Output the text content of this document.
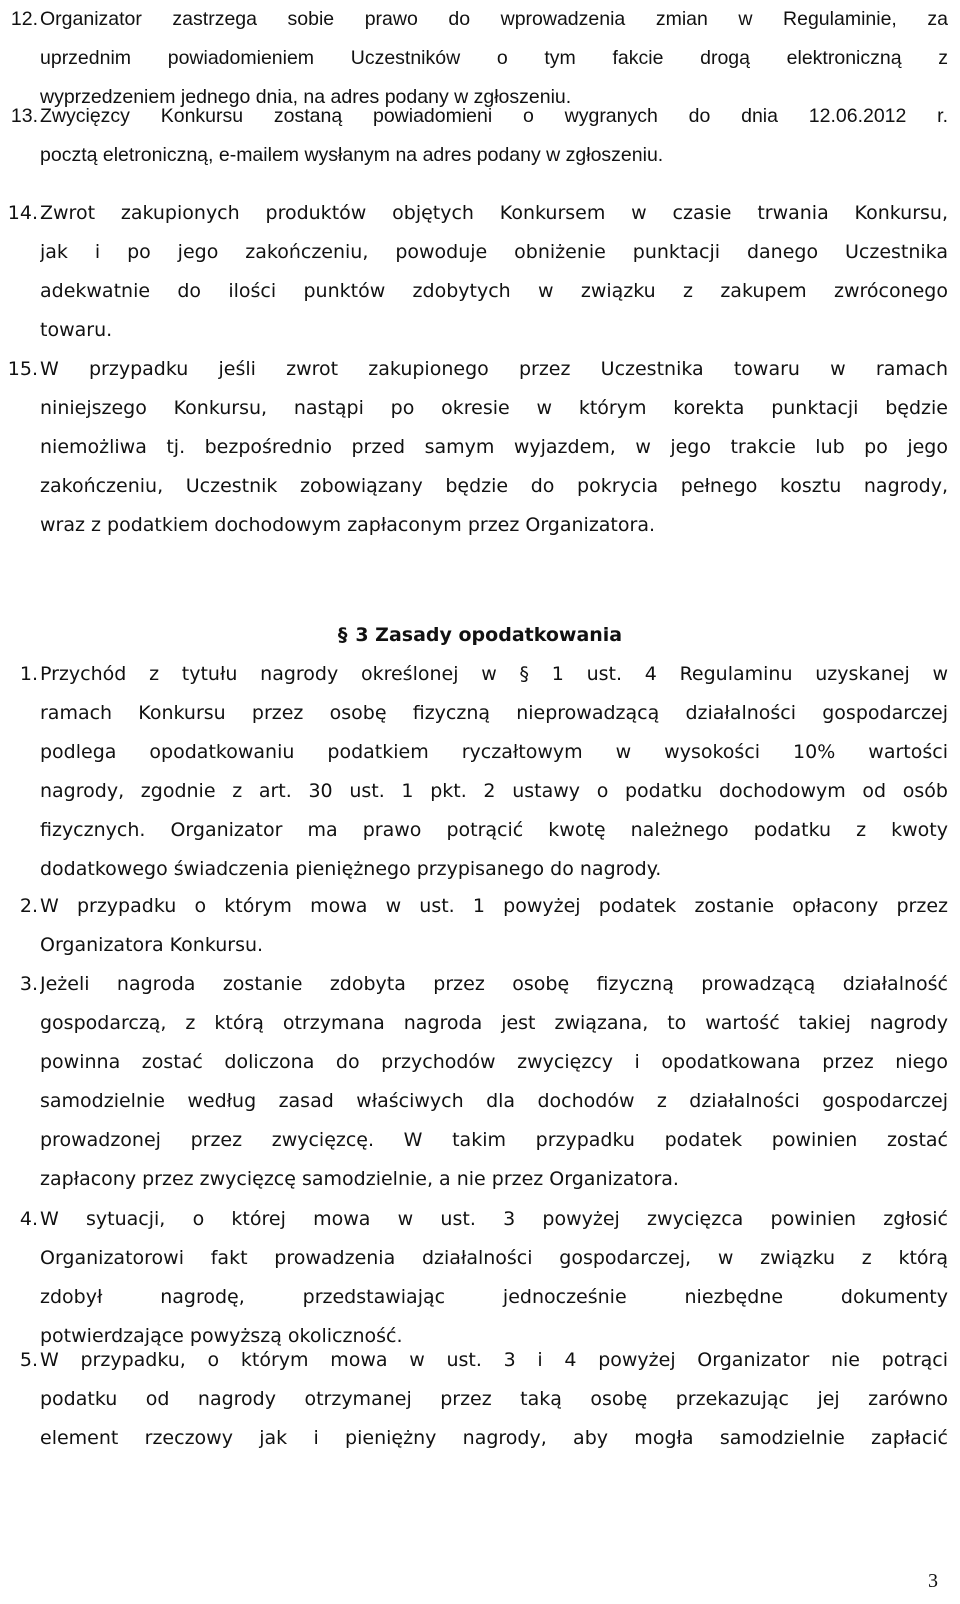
12. Organizator zastrzega sobie prawo do wprowadzenia zmian w Regulaminie, za
uprzednim powiadomieniem Uczestników o tym fakcie drogą elektroniczną z
wyprzedzeniem jednego dnia, na adres podany w zgłoszeniu.
13. Zwycięzcy Konkursu zostaną powiadomieni o wygranych do dnia 12.06.2012 r.
pocztą eletroniczną, e-mailem wysłanym na adres podany w zgłoszeniu.
14. Zwrot zakupionych produktów objętych Konkursem w czasie trwania Konkursu,
jak i po jego zakończeniu, powoduje obniżenie punktacji danego Uczestnika
adekwatnie do ilości punktów zdobytych w związku z zakupem zwróconego
towaru.
15. W przypadku jeśli zwrot zakupionego przez Uczestnika towaru w ramach
niniejszego Konkursu, nastąpi po okresie w którym korekta punktacji będzie
niemożliwa tj. bezpośrednio przed samym wyjazdem, w jego trakcie lub po jego
zakończeniu, Uczestnik zobowiązany będzie do pokrycia pełnego kosztu nagrody,
wraz z podatkiem dochodowym zapłaconym przez Organizatora.
§ 3 Zasady opodatkowania
1. Przychód z tytułu nagrody określonej w § 1 ust. 4 Regulaminu uzyskanej w
ramach Konkursu przez osobę fizyczną nieprowadzącą działalności gospodarczej
podlega opodatkowaniu podatkiem ryczałtowym w wysokości 10% wartości
nagrody, zgodnie z art. 30 ust. 1 pkt. 2 ustawy o podatku dochodowym od osób
fizycznych. Organizator ma prawo potrącić kwotę należnego podatku z kwoty
dodatkowego świadczenia pieniężnego przypisanego do nagrody.
2. W przypadku o którym mowa w ust. 1 powyżej podatek zostanie opłacony przez
Organizatora Konkursu.
3. Jeżeli nagroda zostanie zdobyta przez osobę fizyczną prowadzącą działalność
gospodarczą, z którą otrzymana nagroda jest związana, to wartość takiej nagrody
powinna zostać doliczona do przychodów zwycięzcy i opodatkowana przez niego
samodzielnie według zasad właściwych dla dochodów z działalności gospodarczej
prowadzonej przez zwycięzcę. W takim przypadku podatek powinien zostać
zapłacony przez zwycięzcę samodzielnie, a nie przez Organizatora.
4. W sytuacji, o której mowa w ust. 3 powyżej zwycięzca powinien zgłosić
Organizatorowi fakt prowadzenia działalności gospodarczej, w związku z którą
zdobył nagrodę, przedstawiając jednocześnie niezbędne dokumenty
potwierdzające powyższą okoliczność.
5. W przypadku, o którym mowa w ust. 3 i 4 powyżej Organizator nie potrąci
podatku od nagrody otrzymanej przez taką osobę przekazując jej zarówno
element rzeczowy jak i pieniężny nagrody, aby mogła samodzielnie zapłacić
3
